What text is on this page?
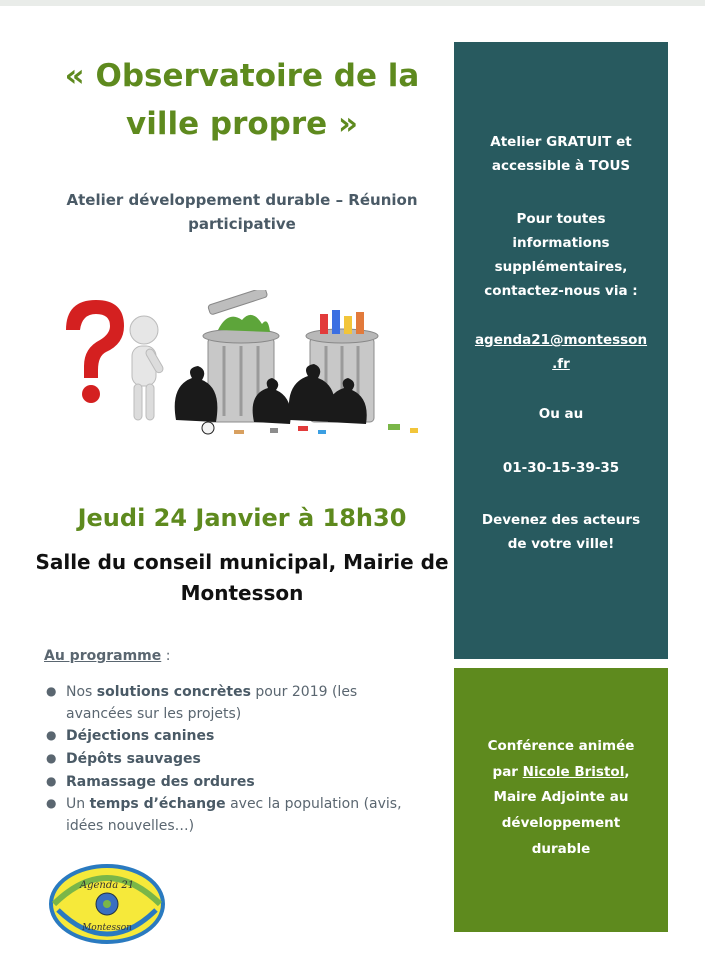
« Observatoire de la
ville propre »
Atelier développement durable – Réunion
participative
Jeudi 24 Janvier à 18h30
Salle du conseil municipal, Mairie de
Montesson
Au programme :
● Nos solutions concrètes pour 2019 (les avancées sur les projets)
● Déjections canines
● Dépôts sauvages
● Ramassage des ordures
● Un temps d’échange avec la population (avis, idées nouvelles…)
Agenda 21
Montesson
Atelier GRATUIT et
accessible à TOUS
Pour toutes
informations
supplémentaires,
contactez-nous via :
agenda21@montesson
.fr
Ou au
01-30-15-39-35
Devenez des acteurs
de votre ville!
Conférence animée
par Nicole Bristol,
Maire Adjointe au
développement
durable
